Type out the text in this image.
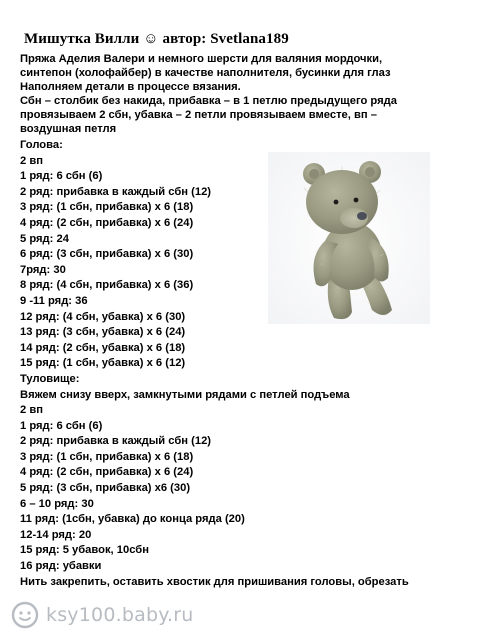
Мишутка Вилли ☺ автор: Svetlana189
Пряжа Аделия Валери и немного шерсти для валяния мордочки,
синтепон (холофайбер) в качестве наполнителя, бусинки для глаз
Наполняем детали в процессе вязания.
Сбн – столбик без накида, прибавка – в 1 петлю предыдущего ряда
провязываем 2 сбн, убавка – 2 петли провязываем вместе, вп –
воздушная петля
Голова:
2 вп
1 ряд: 6 сбн (6)
2 ряд: прибавка в каждый сбн (12)
3 ряд: (1 сбн, прибавка) х 6 (18)
4 ряд: (2 сбн, прибавка) х 6 (24)
5 ряд: 24
6 ряд: (3 сбн, прибавка) х 6 (30)
7ряд: 30
8 ряд: (4 сбн, прибавка) х 6 (36)
9 -11 ряд: 36
12 ряд: (4 сбн, убавка) х 6 (30)
13 ряд: (3 сбн, убавка) х 6 (24)
14 ряд: (2 сбн, убавка) х 6 (18)
15 ряд: (1 сбн, убавка) х 6 (12)
Туловище:
Вяжем снизу вверх, замкнутыми рядами с петлей подъема
2 вп
1 ряд: 6 сбн (6)
2 ряд: прибавка в каждый сбн (12)
3 ряд: (1 сбн, прибавка) х 6 (18)
4 ряд: (2 сбн, прибавка) х 6 (24)
5 ряд: (3 сбн, прибавка) х6 (30)
6 – 10 ряд: 30
11 ряд: (1сбн, убавка) до конца ряда (20)
12-14 ряд: 20
15 ряд: 5 убавок, 10сбн
16 ряд: убавки
Нить закрепить, оставить хвостик для пришивания головы, обрезать
ksy100.baby.ru
